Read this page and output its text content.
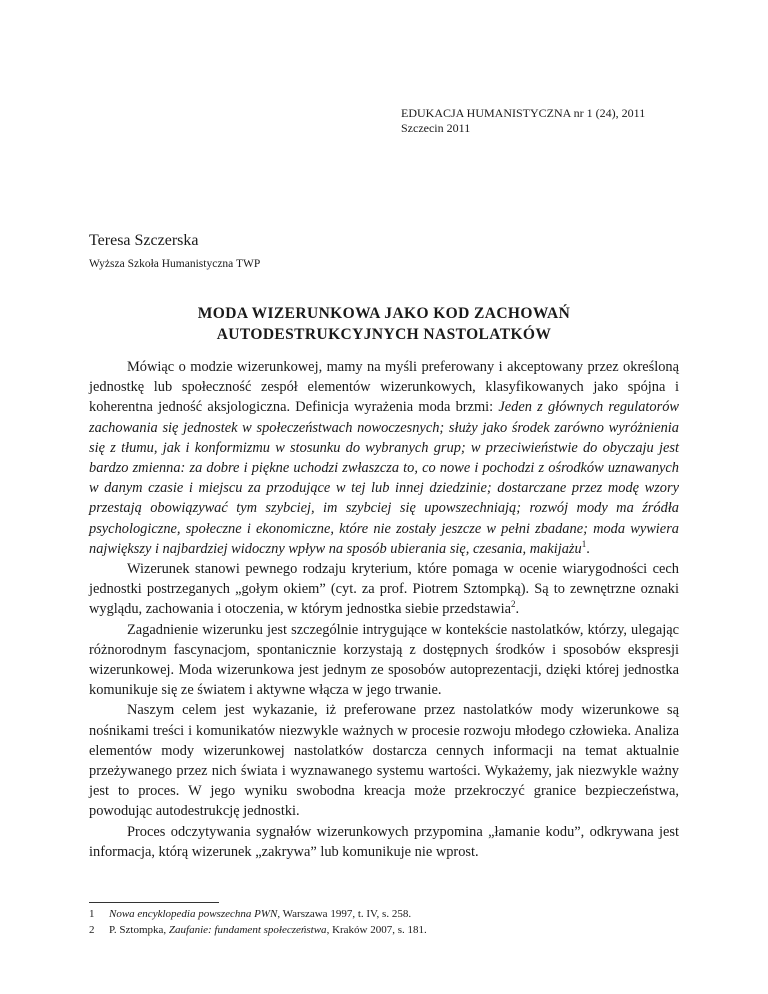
EDUKACJA HUMANISTYCZNA nr 1 (24), 2011
Szczecin 2011
Teresa Szczerska
Wyższa Szkoła Humanistyczna TWP
MODA WIZERUNKOWA JAKO KOD ZACHOWAŃ
AUTODESTRUKCYJNYCH NASTOLATKÓW

Mówiąc o modzie wizerunkowej, mamy na myśli preferowany i akceptowany przez określoną jednostkę lub społeczność zespół elementów wizerunkowych, klasyfikowanych jako spójna i koherentna jedność aksjologiczna. Definicja wyrażenia moda brzmi: Jeden z głównych regulatorów zachowania się jednostek w społeczeństwach nowoczesnych; służy jako środek zarówno wyróżnienia się z tłumu, jak i konformizmu w stosunku do wybranych grup; w przeciwieństwie do obyczaju jest bardzo zmienna: za dobre i piękne uchodzi zwłaszcza to, co nowe i pochodzi z ośrodków uznawanych w danym czasie i miejscu za przodujące w tej lub innej dziedzinie; dostarczane przez modę wzory przestają obowiązywać tym szybciej, im szybciej się upowszechniają; rozwój mody ma źródła psychologiczne, społeczne i ekonomiczne, które nie zostały jeszcze w pełni zbadane; moda wywiera największy i najbardziej widoczny wpływ na sposób ubierania się, czesania, makijażu$^1$.

Wizerunek stanowi pewnego rodzaju kryterium, które pomaga w ocenie wiarygodności cech jednostki postrzeganych „gołym okiem” (cyt. za prof. Piotrem Sztompką). Są to zewnętrzne oznaki wyglądu, zachowania i otoczenia, w którym jednostka siebie przedstawia$^2$.

Zagadnienie wizerunku jest szczególnie intrygujące w kontekście nastolatków, którzy, ulegając różnorodnym fascynacjom, spontanicznie korzystają z dostępnych środków i sposobów ekspresji wizerunkowej. Moda wizerunkowa jest jednym ze sposobów autoprezentacji, dzięki której jednostka komunikuje się ze światem i aktywne włącza w jego trwanie.

Naszym celem jest wykazanie, iż preferowane przez nastolatków mody wizerunkowe są nośnikami treści i komunikatów niezwykle ważnych w procesie rozwoju młodego człowieka. Analiza elementów mody wizerunkowej nastolatków dostarcza cennych informacji na temat aktualnie przeżywanego przez nich świata i wyznawanego systemu wartości. Wykażemy, jak niezwykle ważny jest to proces. W jego wyniku swobodna kreacja może przekroczyć granice bezpieczeństwa, powodując autodestrukcję jednostki.

Proces odczytywania sygnałów wizerunkowych przypomina „łamanie kodu”, odkrywana jest informacja, którą wizerunek „zakrywa” lub komunikuje nie wprost.

1 Nowa encyklopedia powszechna PWN, Warszawa 1997, t. IV, s. 258.
2 P. Sztompka, Zaufanie: fundament społeczeństwa, Kraków 2007, s. 181.
